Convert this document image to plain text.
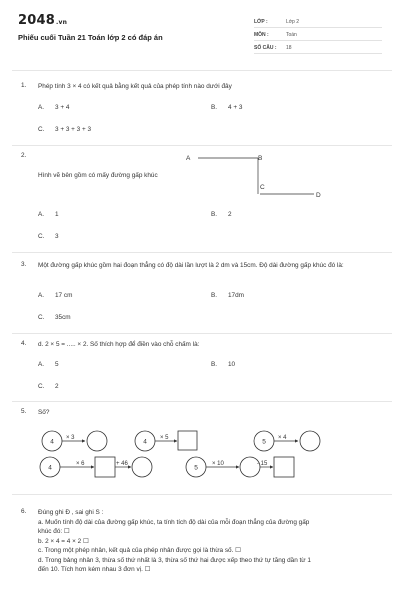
2048.vn
Phiếu cuối Tuần 21 Toán lớp 2 có đáp án
LỚP :	Lớp 2
MÔN :	Toán
SỐ CÂU : 18
1. Phép tính 3 × 4 có kết quả bằng kết quả của phép tính nào dưới đây
A. 3 + 4	B. 4 + 3
C. 3 + 3 + 3 + 3
2.
Hình vẽ bên gồm có mấy đường gấp khúc
A	B
C
D
A. 1	B. 2
C. 3
3. Một đường gấp khúc gồm hai đoạn thẳng có độ dài lần lượt là 2 dm và 15cm. Độ dài đường gấp khúc đó là:
A. 17 cm	B. 17dm
C. 35cm
4. d. 2 × 5 = ..... × 2. Số thích hợp để điền vào chỗ chấm là:
A. 5	B. 10
C. 2
5. Số?
4
× 3
4
× 5
5
× 4
4
× 6	+ 46
5
× 10	- 15
6. Đúng ghi Đ , sai ghi S :
a. Muốn tính độ dài của đường gấp khúc, ta tính tích độ dài của mỗi đoạn thẳng của đường gấp
khúc đó: ☐
b. 2 × 4 = 4 × 2 ☐
c. Trong một phép nhân, kết quả của phép nhân được gọi là thừa số. ☐
d. Trong bảng nhân 3, thừa số thứ nhất là 3, thừa số thứ hai được xếp theo thứ tự tăng dần từ 1
đến 10. Tích hơn kém nhau 3 đơn vị. ☐
